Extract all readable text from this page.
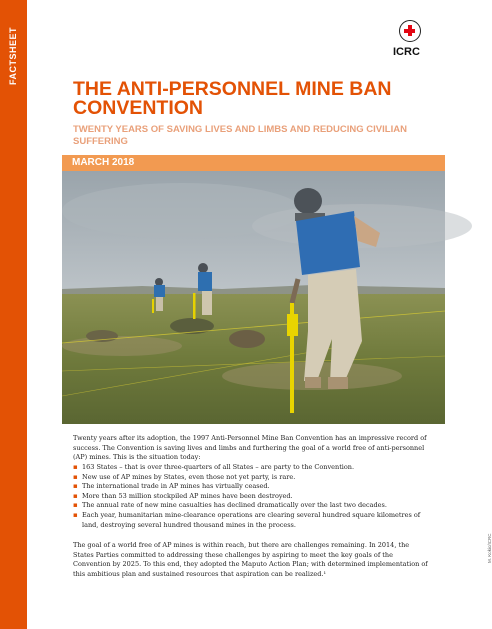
FACTSHEET	ICRC
THE ANTI-PERSONNEL MINE BAN CONVENTION
TWENTY YEARS OF SAVING LIVES AND LIMBS AND REDUCING CIVILIAN SUFFERING
MARCH 2018
M. Kokic/ICRC

Twenty years after its adoption, the 1997 Anti-Personnel Mine Ban Convention has an impressive record of success. The Convention is saving lives and limbs and furthering the goal of a world free of anti-personnel (AP) mines. This is the situation today:

▪ 163 States – that is over three-quarters of all States – are party to the Convention.
▪ New use of AP mines by States, even those not yet party, is rare.
▪ The international trade in AP mines has virtually ceased.
▪ More than 53 million stockpiled AP mines have been destroyed.
▪ The annual rate of new mine casualties has declined dramatically over the last two decades.
▪ Each year, humanitarian mine-clearance operations are clearing several hundred square kilometres of land, destroying several hundred thousand mines in the process.

The goal of a world free of AP mines is within reach, but there are challenges remaining. In 2014, the States Parties committed to addressing these challenges by aspiring to meet the key goals of the Convention by 2025. To this end, they adopted the Maputo Action Plan; with determined implementation of this ambitious plan and sustained resources that aspiration can be realized.¹
